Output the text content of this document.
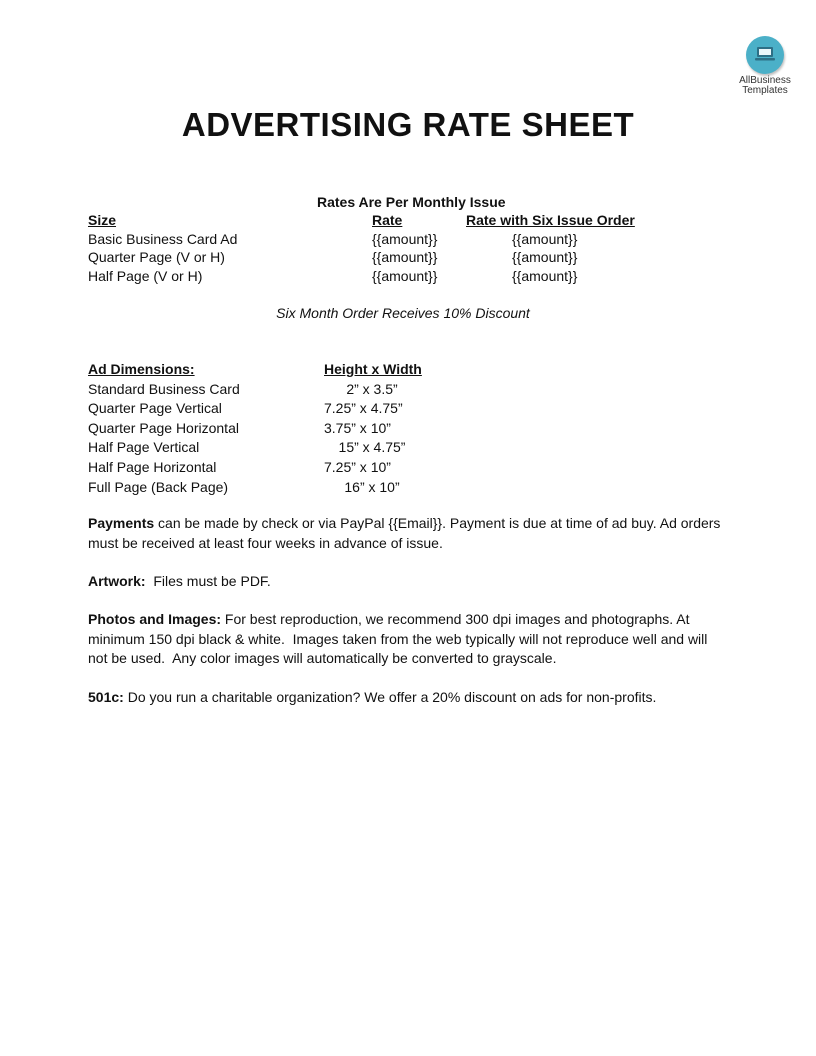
AllBusiness
Templates
ADVERTISING RATE SHEET
Rates Are Per Monthly Issue
Size	Rate	Rate with Six Issue Order
Basic Business Card Ad	{{amount}}	{{amount}}
Quarter Page (V or H)	{{amount}}	{{amount}}
Half Page (V or H)	{{amount}}	{{amount}}
Six Month Order Receives 10% Discount
Ad Dimensions:	Height x Width
Standard Business Card	2” x 3.5”
Quarter Page Vertical	7.25” x 4.75”
Quarter Page Horizontal	3.75” x 10”
Half Page Vertical	15” x 4.75”
Half Page Horizontal	7.25” x 10”
Full Page (Back Page)	16” x 10”
Payments can be made by check or via PayPal {{Email}}. Payment is due at time of ad buy. Ad orders must be received at least four weeks in advance of issue.
Artwork:  Files must be PDF.
Photos and Images: For best reproduction, we recommend 300 dpi images and photographs. At minimum 150 dpi black & white.  Images taken from the web typically will not reproduce well and will not be used.  Any color images will automatically be converted to grayscale.
501c: Do you run a charitable organization? We offer a 20% discount on ads for non-profits.
